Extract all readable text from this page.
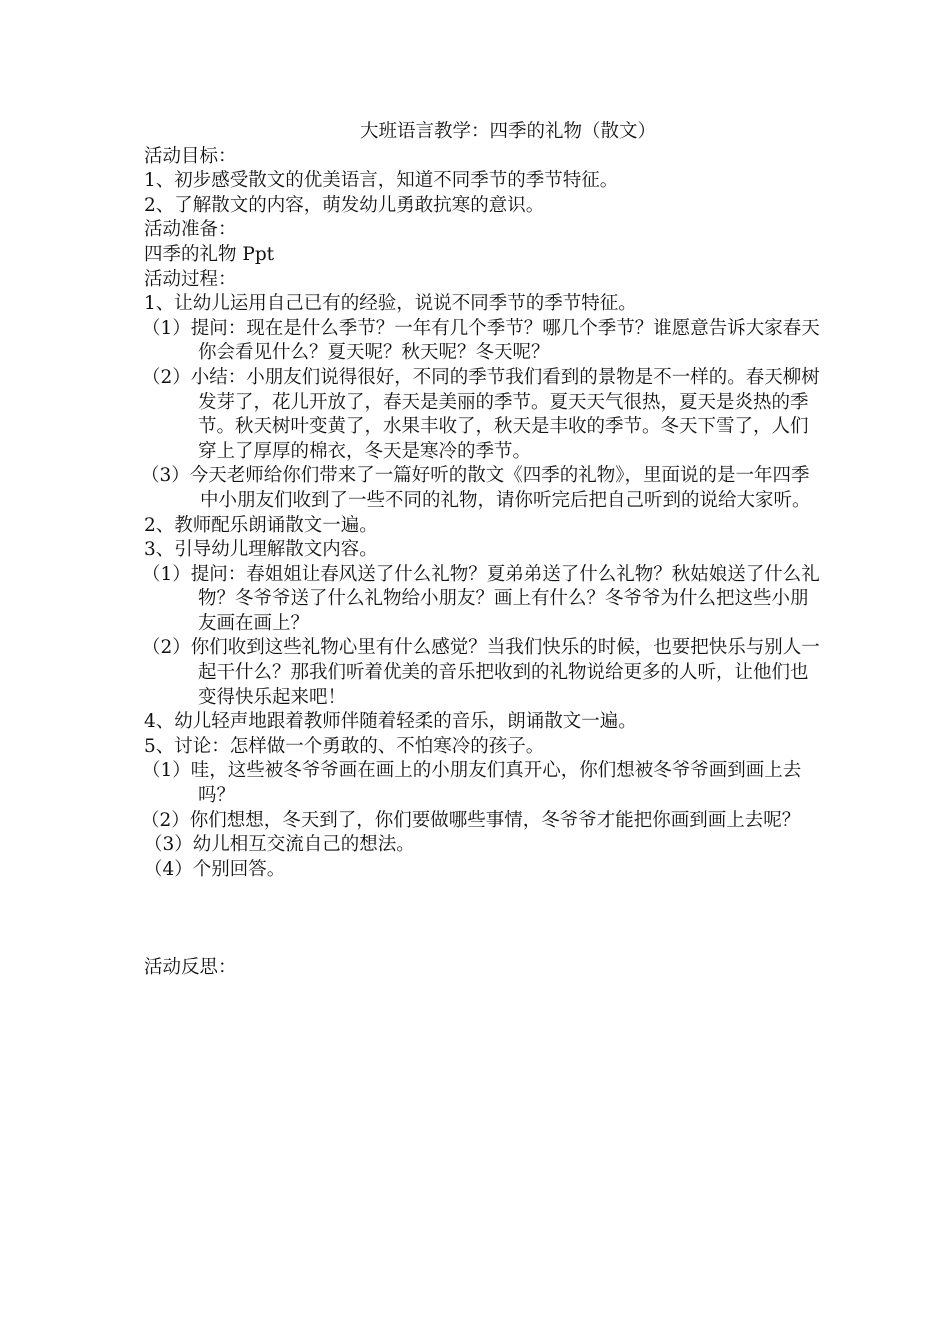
大班语言教学：四季的礼物（散文）

活动目标：

1、初步感受散文的优美语言，知道不同季节的季节特征。

2、了解散文的内容，萌发幼儿勇敢抗寒的意识。

活动准备：

四季的礼物 Ppt

活动过程：

1、让幼儿运用自己已有的经验，说说不同季节的季节特征。

（1）提问：现在是什么季节？一年有几个季节？哪几个季节？谁愿意告诉大家春天你会看见什么？夏天呢？秋天呢？冬天呢？

（2）小结：小朋友们说得很好，不同的季节我们看到的景物是不一样的。春天柳树发芽了，花儿开放了，春天是美丽的季节。夏天天气很热，夏天是炎热的季节。秋天树叶变黄了，水果丰收了，秋天是丰收的季节。冬天下雪了，人们穿上了厚厚的棉衣，冬天是寒冷的季节。

（3）今天老师给你们带来了一篇好听的散文《四季的礼物》，里面说的是一年四季中小朋友们收到了一些不同的礼物，请你听完后把自己听到的说给大家听。

2、教师配乐朗诵散文一遍。

3、引导幼儿理解散文内容。

（1）提问：春姐姐让春风送了什么礼物？夏弟弟送了什么礼物？秋姑娘送了什么礼物？冬爷爷送了什么礼物给小朋友？画上有什么？冬爷爷为什么把这些小朋友画在画上？

（2）你们收到这些礼物心里有什么感觉？当我们快乐的时候，也要把快乐与别人一起干什么？那我们听着优美的音乐把收到的礼物说给更多的人听，让他们也变得快乐起来吧！

4、幼儿轻声地跟着教师伴随着轻柔的音乐，朗诵散文一遍。

5、讨论：怎样做一个勇敢的、不怕寒冷的孩子。

（1）哇，这些被冬爷爷画在画上的小朋友们真开心，你们想被冬爷爷画到画上去吗？

（2）你们想想，冬天到了，你们要做哪些事情，冬爷爷才能把你画到画上去呢？

（3）幼儿相互交流自己的想法。

（4）个别回答。

活动反思：
